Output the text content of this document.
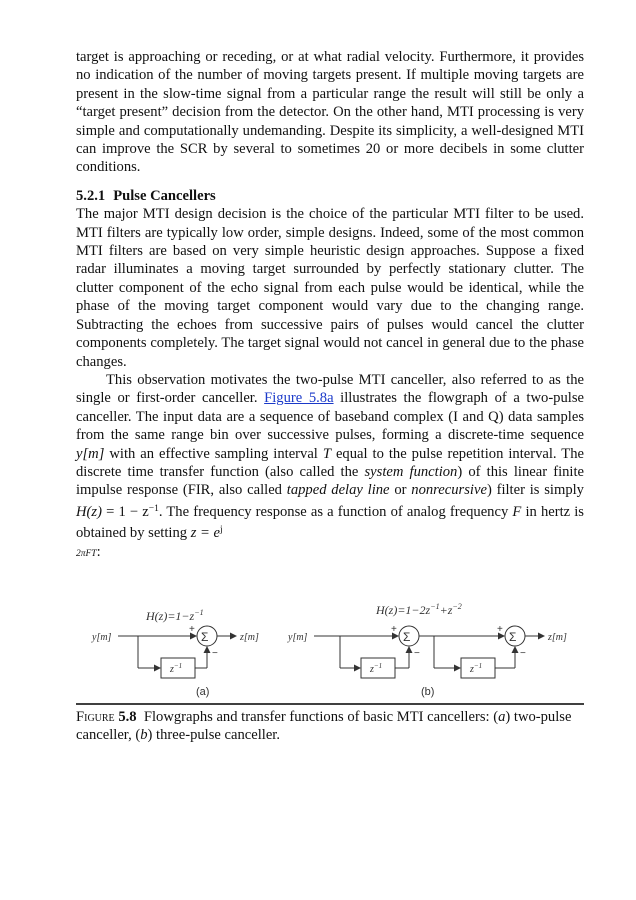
target is approaching or receding, or at what radial velocity. Furthermore, it provides no indication of the number of moving targets present. If multiple moving targets are present in the slow-time signal from a particular range the result will still be only a “target present” decision from the detector. On the other hand, MTI processing is very simple and computationally undemanding. Despite its simplicity, a well-designed MTI can improve the SCR by several to sometimes 20 or more decibels in some clutter conditions.

5.2.1 Pulse Cancellers

The major MTI design decision is the choice of the particular MTI filter to be used. MTI filters are typically low order, simple designs. Indeed, some of the most common MTI filters are based on very simple heuristic design approaches. Suppose a fixed radar illuminates a moving target surrounded by perfectly stationary clutter. The clutter component of the echo signal from each pulse would be identical, while the phase of the moving target component would vary due to the changing range. Subtracting the echoes from successive pairs of pulses would cancel the clutter components completely. The target signal would not cancel in general due to the phase changes.

This observation motivates the two-pulse MTI canceller, also referred to as the single or first-order canceller. Figure 5.8a illustrates the flowgraph of a two-pulse canceller. The input data are a sequence of baseband complex (I and Q) data samples from the same range bin over successive pulses, forming a discrete-time sequence y[m] with an effective sampling interval T equal to the pulse repetition interval. The discrete time transfer function (also called the system function) of this linear finite impulse response (FIR, also called tapped delay line or nonrecursive) filter is simply $H(z) = 1 - z^{-1}$. The frequency response as a function of analog frequency F in hertz is obtained by setting $z = e^j$
2πFT:

$H(z)=1-z^{-1}$
y[m]
$z^{-1}$
Σ
+
−
z[m]
(a)
$H(z)=1-2z^{-1}+z^{-2}$
y[m]
$z^{-1}$
Σ
+
−
$z^{-1}$
Σ
+
−
z[m]
(b)

Figure 5.8 Flowgraphs and transfer functions of basic MTI cancellers: (a) two-pulse canceller, (b) three-pulse canceller.
